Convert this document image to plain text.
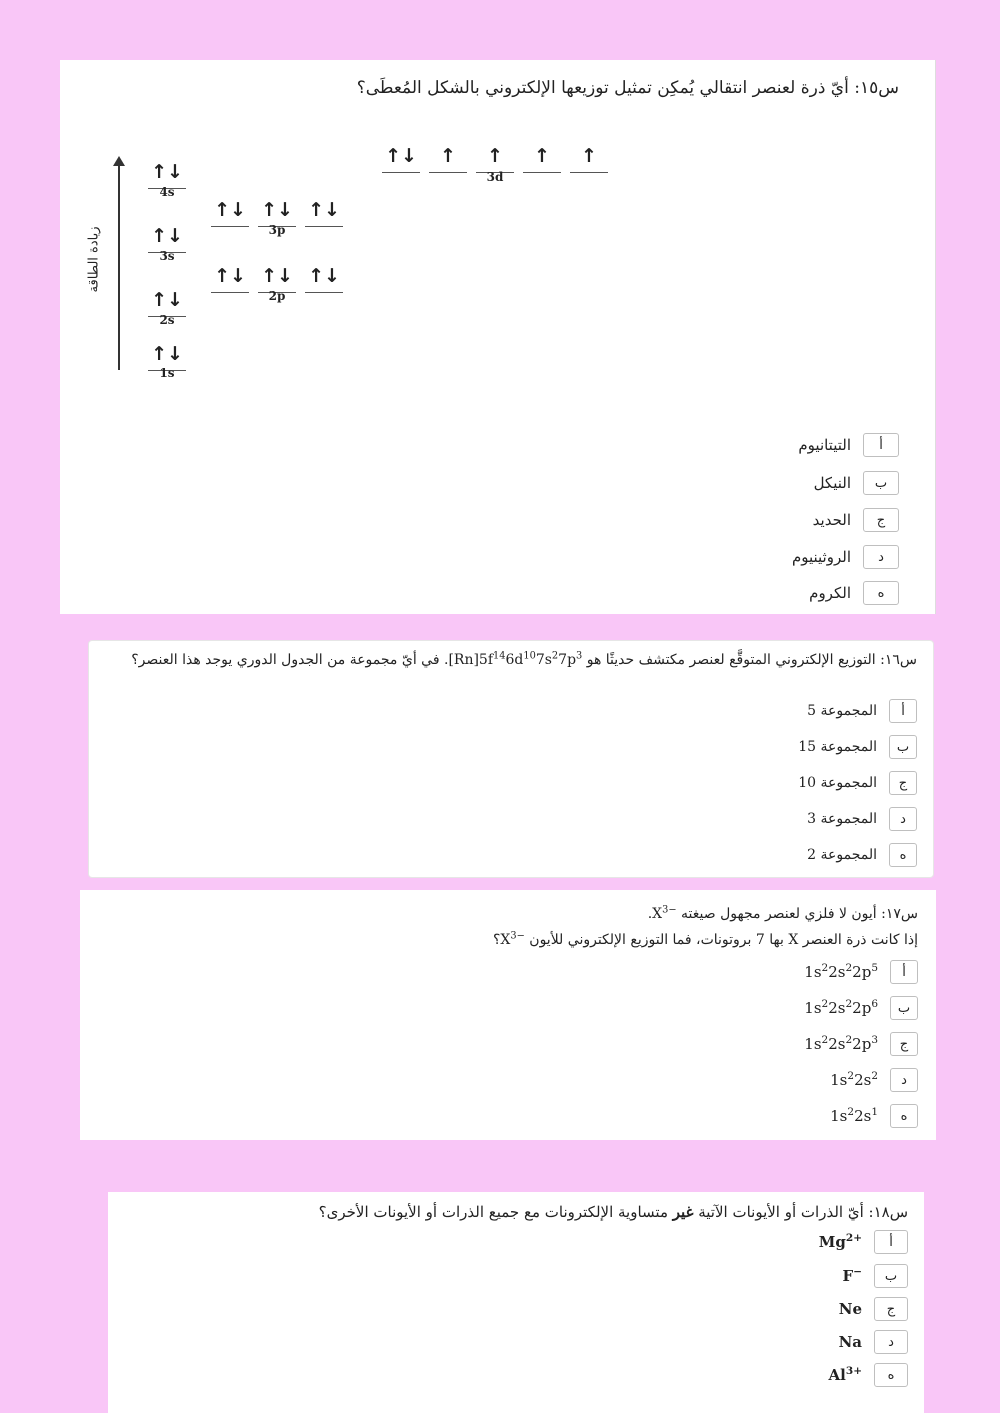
س١٥: أيّ ذرة لعنصر انتقالي يُمكِن تمثيل توزيعها الإلكتروني بالشكل المُعطَى؟
زيادة الطاقة
↑↓
1s
↑↓
2s
↑↓ ↑↓ ↑↓
2p
↑↓
3s
↑↓ ↑↓ ↑↓
3p
↑↓
4s
↑↓	↑	↑	↑	↑
3d
أ
التيتانيوم
ب
النيكل
ج
الحديد
د
الروثينيوم
ه
الكروم
س١٦: التوزيع الإلكتروني المتوقَّع لعنصر مكتشف حديثًا هو $[Rn]5f^{14}6d^{10}7s^27p^3$. في أيّ مجموعة من الجدول الدوري يوجد هذا العنصر؟
أ
المجموعة 5
ب
المجموعة 15
ج
المجموعة 10
د
المجموعة 3
ه
المجموعة 2
س١٧: أيون لا فلزي لعنصر مجهول صيغته $X^{3-}$.
إذا كانت ذرة العنصر X بها 7 بروتونات، فما التوزيع الإلكتروني للأيون $X^{3-}؟$
أ
$1s^22s^22p^5$
ب
$1s^22s^22p^6$
ج
$1s^22s^22p^3$
د
$1s^22s^2$
ه
$1s^22s^1$
س١٨: أيّ الذرات أو الأيونات الآتية غير متساوية الإلكترونات مع جميع الذرات أو الأيونات الأخرى؟
أ
$Mg^{2+}$
ب
F−
ج
Ne
د
Na
ه
$Al^{3+}$
